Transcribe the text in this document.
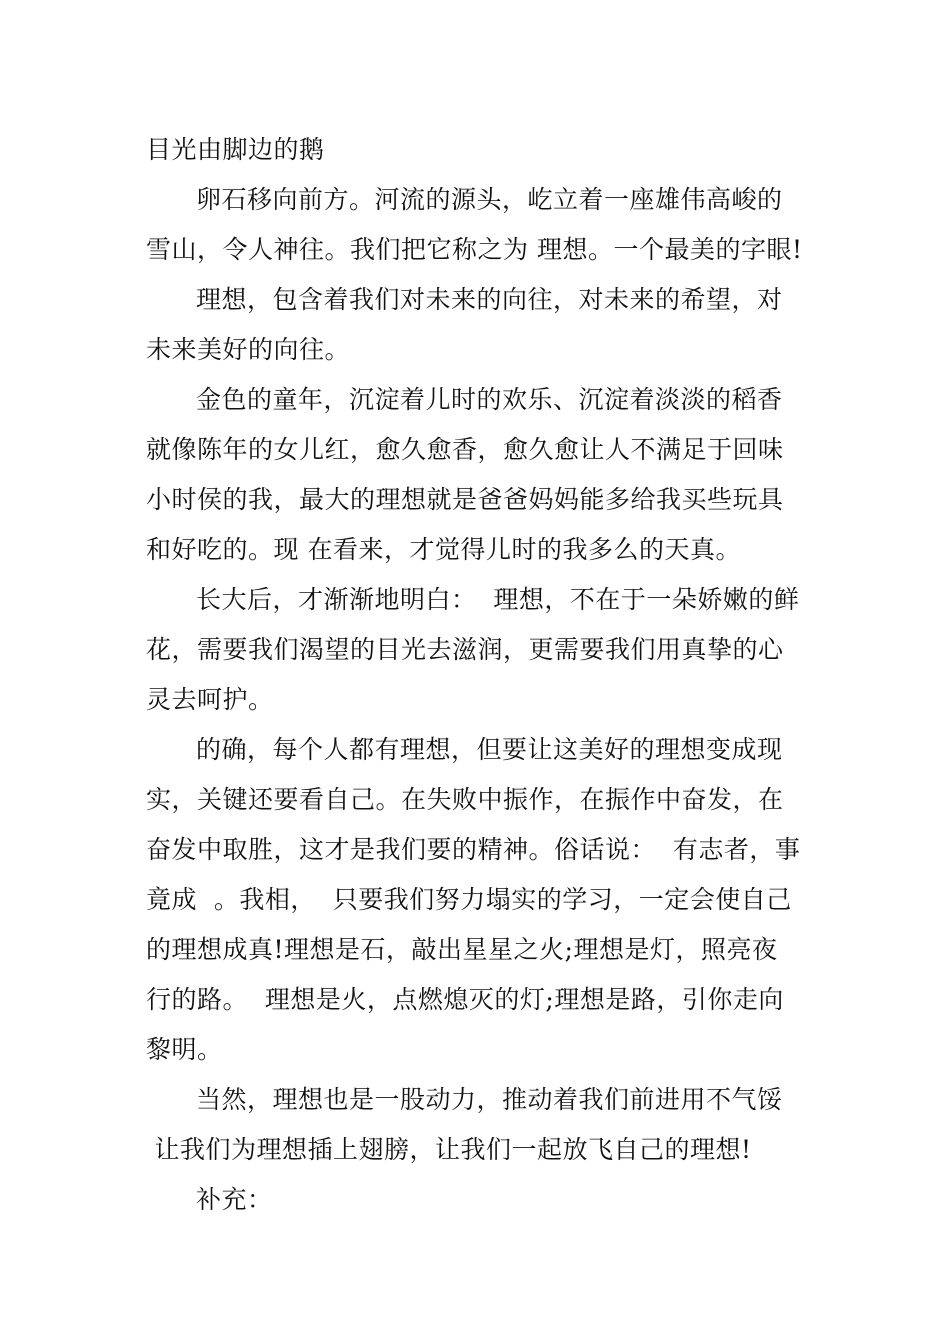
目光由脚边的鹅
卵石移向前方。河流的源头，屹立着一座雄伟高峻的
雪山，令人神往。我们把它称之为 理想。一个最美的字眼!
理想，包含着我们对未来的向往，对未来的希望，对
未来美好的向往。
金色的童年，沉淀着儿时的欢乐、沉淀着淡淡的稻香
就像陈年的女儿红，愈久愈香，愈久愈让人不满足于回味
小时侯的我，最大的理想就是爸爸妈妈能多给我买些玩具
和好吃的。现 在看来，才觉得儿时的我多么的天真。
长大后，才渐渐地明白：  理想，不在于一朵娇嫩的鲜
花，需要我们渴望的目光去滋润，更需要我们用真挚的心
灵去呵护。
的确，每个人都有理想，但要让这美好的理想变成现
实，关键还要看自己。在失败中振作，在振作中奋发，在
奋发中取胜，这才是我们要的精神。俗话说：  有志者，事
竟成  。我相，  只要我们努力塌实的学习，一定会使自己
的理想成真!理想是石，敲出星星之火;理想是灯，照亮夜
行的路。  理想是火，点燃熄灭的灯;理想是路，引你走向
黎明。
当然，理想也是一股动力，推动着我们前进用不气馁
让我们为理想插上翅膀，让我们一起放飞自己的理想!
补充：
